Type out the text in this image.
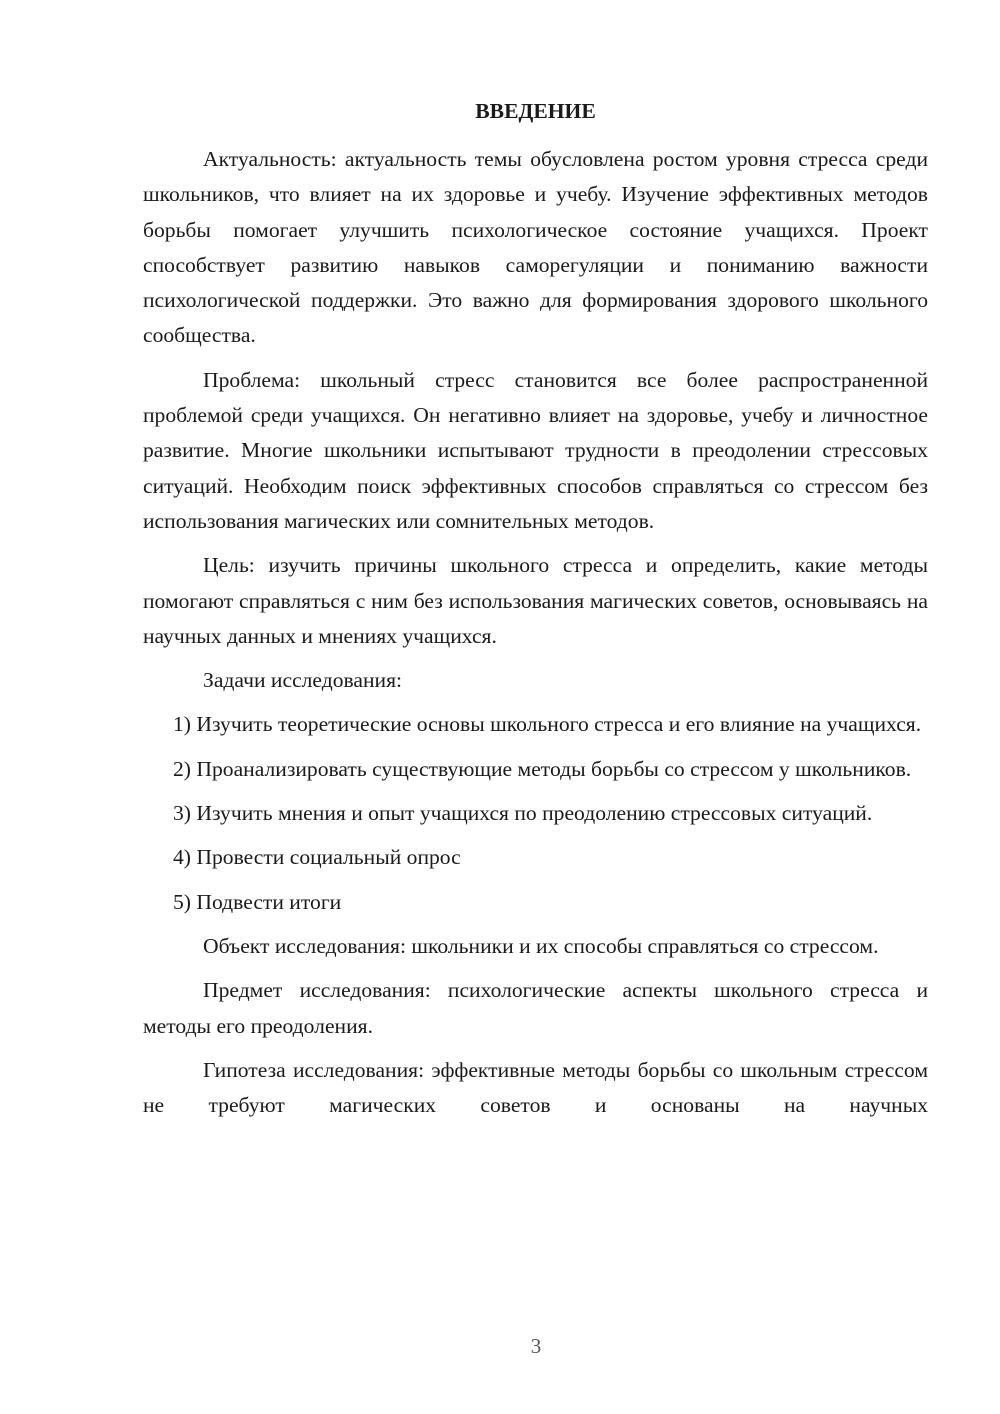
ВВЕДЕНИЕ

Актуальность: актуальность темы обусловлена ростом уровня стресса среди школьников, что влияет на их здоровье и учебу. Изучение эффективных методов борьбы помогает улучшить психологическое состояние учащихся. Проект способствует развитию навыков саморегуляции и пониманию важности психологической поддержки. Это важно для формирования здорового школьного сообщества.

Проблема: школьный стресс становится все более распространенной проблемой среди учащихся. Он негативно влияет на здоровье, учебу и личностное развитие. Многие школьники испытывают трудности в преодолении стрессовых ситуаций. Необходим поиск эффективных способов справляться со стрессом без использования магических или сомнительных методов.

Цель: изучить причины школьного стресса и определить, какие методы помогают справляться с ним без использования магических советов, основываясь на научных данных и мнениях учащихся.

Задачи исследования:

1) Изучить теоретические основы школьного стресса и его влияние на учащихся.

2) Проанализировать существующие методы борьбы со стрессом у школьников.

3) Изучить мнения и опыт учащихся по преодолению стрессовых ситуаций.

4) Провести социальный опрос

5) Подвести итоги

Объект исследования: школьники и их способы справляться со стрессом.

Предмет исследования: психологические аспекты школьного стресса и методы его преодоления.

Гипотеза исследования: эффективные методы борьбы со школьным стрессом не требуют магических советов и основаны на научных

3
